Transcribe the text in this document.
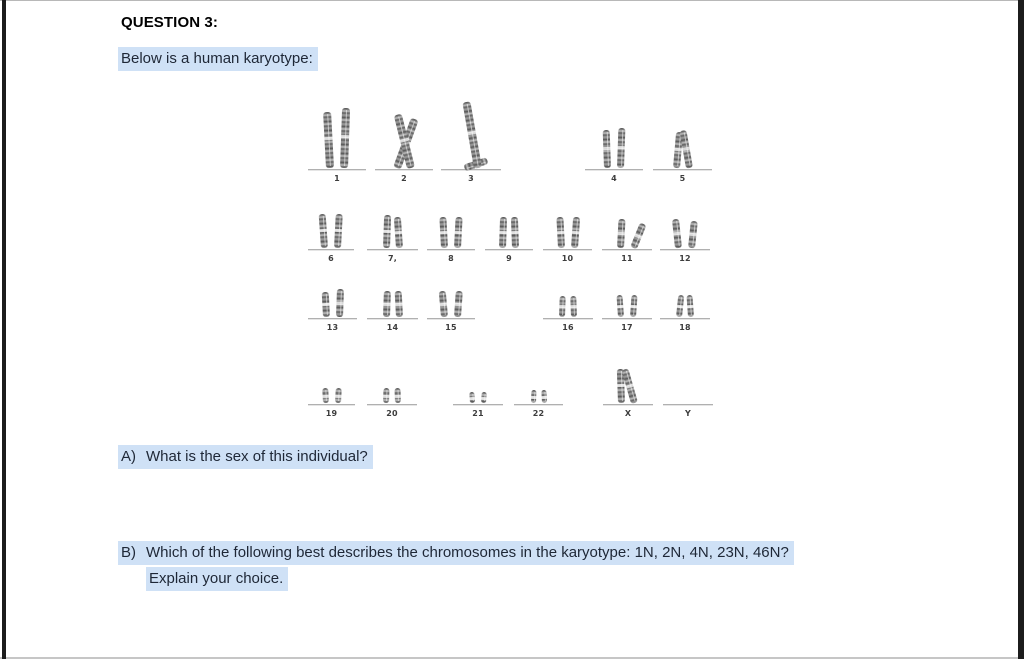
QUESTION 3:

Below is a human karyotype:

1	2	3	4	5
6	7,	8	9	10	11	12
13	14	15	16	17	18
19	20	21	22	X	Y

A) What is the sex of this individual?

B) Which of the following best describes the chromosomes in the karyotype: 1N, 2N, 4N, 23N, 46N?

Explain your choice.
